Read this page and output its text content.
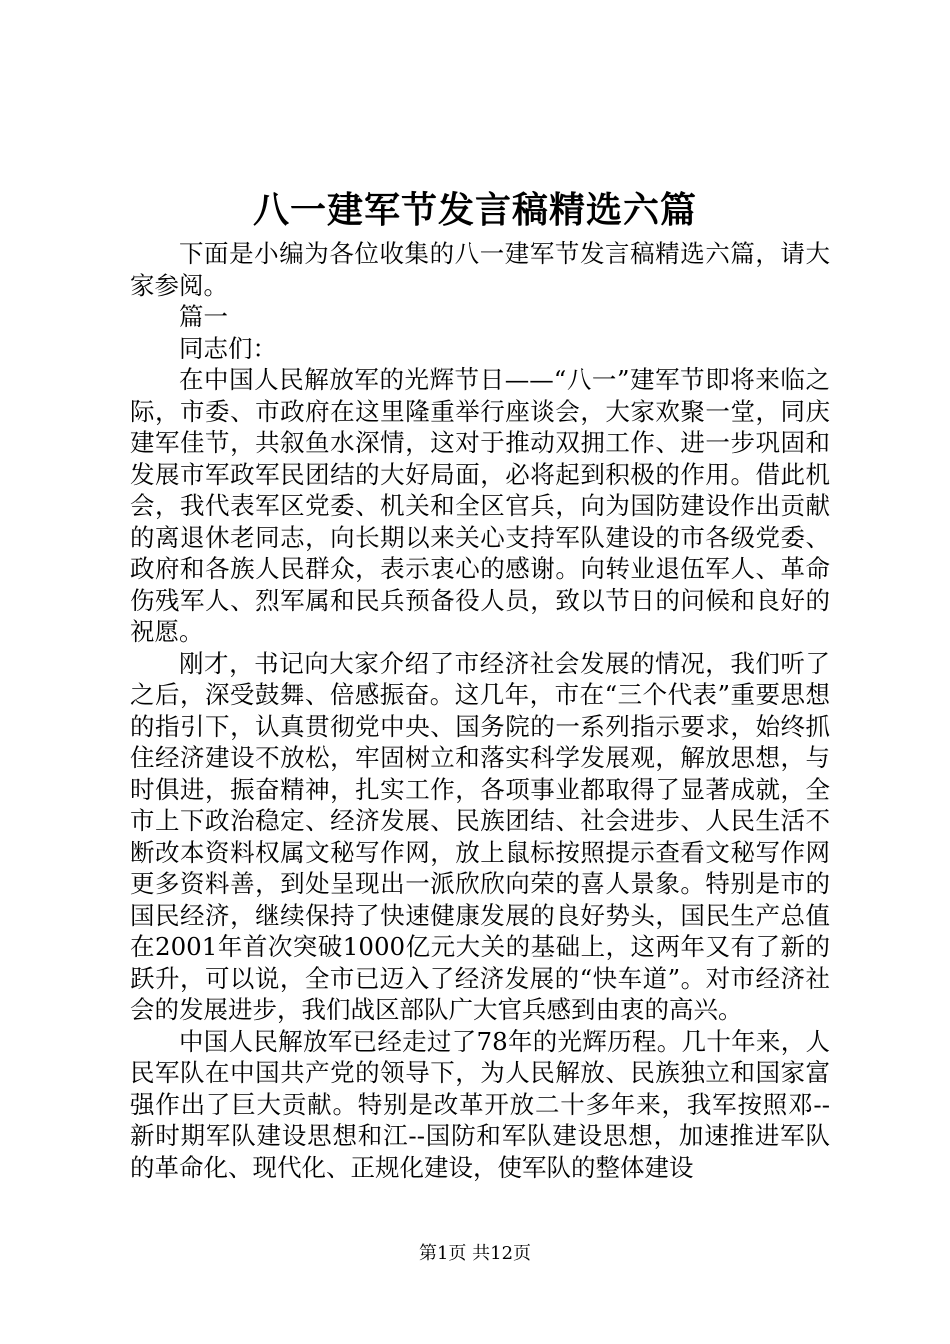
八一建军节发言稿精选六篇

下面是小编为各位收集的八一建军节发言稿精选六篇，请大家参阅。

篇一

同志们：

在中国人民解放军的光辉节日——“八一”建军节即将来临之际，市委、市政府在这里隆重举行座谈会，大家欢聚一堂，同庆建军佳节，共叙鱼水深情，这对于推动双拥工作、进一步巩固和发展市军政军民团结的大好局面，必将起到积极的作用。借此机会，我代表军区党委、机关和全区官兵，向为国防建设作出贡献的离退休老同志，向长期以来关心支持军队建设的市各级党委、政府和各族人民群众，表示衷心的感谢。向转业退伍军人、革命伤残军人、烈军属和民兵预备役人员，致以节日的问候和良好的祝愿。

刚才，书记向大家介绍了市经济社会发展的情况，我们听了之后，深受鼓舞、倍感振奋。这几年，市在“三个代表”重要思想的指引下，认真贯彻党中央、国务院的一系列指示要求，始终抓住经济建设不放松，牢固树立和落实科学发展观，解放思想，与时俱进，振奋精神，扎实工作，各项事业都取得了显著成就，全市上下政治稳定、经济发展、民族团结、社会进步、人民生活不断改本资料权属文秘写作网，放上鼠标按照提示查看文秘写作网更多资料善，到处呈现出一派欣欣向荣的喜人景象。特别是市的国民经济，继续保持了快速健康发展的良好势头，国民生产总值在2001年首次突破1000亿元大关的基础上，这两年又有了新的跃升，可以说，全市已迈入了经济发展的“快车道”。对市经济社会的发展进步，我们战区部队广大官兵感到由衷的高兴。

中国人民解放军已经走过了78年的光辉历程。几十年来，人民军队在中国共产党的领导下，为人民解放、民族独立和国家富强作出了巨大贡献。特别是改革开放二十多年来，我军按照邓--新时期军队建设思想和江--国防和军队建设思想，加速推进军队的革命化、现代化、正规化建设，使军队的整体建设

第1页 共12页
